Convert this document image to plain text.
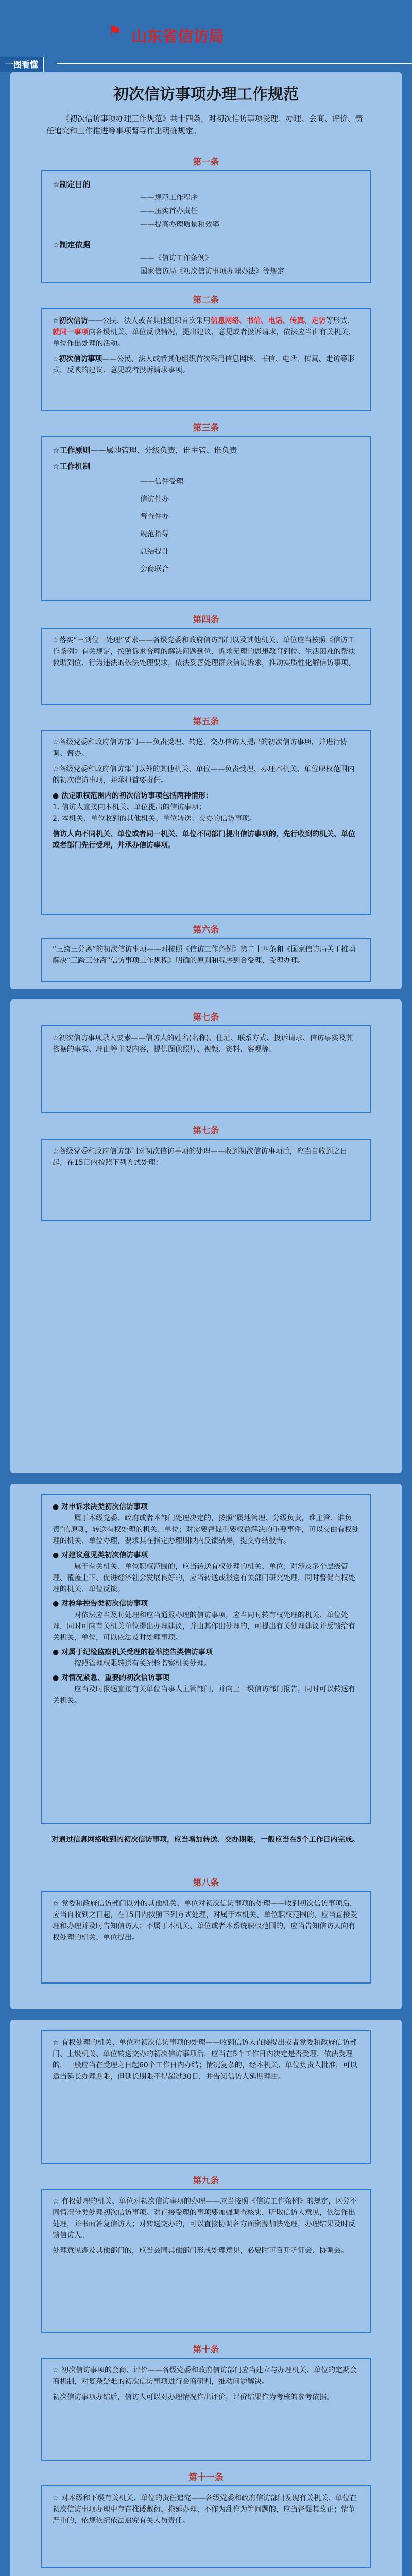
⚑ 山东省信访局
一图看懂
初次信访事项办理工作规范
《初次信访事项办理工作规范》共十四条，对初次信访事项受理、办理、会商、评价、责任追究和工作推进等事项督导作出明确规定。
第一条
☆制定目的
——规范工作程序
——压实首办责任
——提高办理质量和效率
☆制定依据
——《信访工作条例》
国家信访局《初次信访事项办理办法》等规定
第二条
☆初次信访——公民、法人或者其他组织首次采用信息网络、书信、电话、传真、走访等形式，就同一事项向各级机关、单位反映情况，提出建议、意见或者投诉请求，依法应当由有关机关、单位作出处理的活动。
☆初次信访事项——公民、法人或者其他组织首次采用信息网络、书信、电话、传真、走访等形式，反映的建议、意见或者投诉请求事项。
第三条
☆工作原则——属地管理、分级负责，谁主管、谁负责
☆工作机制
——信件受理
信访件办
督查件办
规范指导
总结提升
会商联合
第四条
☆落实“三到位一处理”要求——各级党委和政府信访部门以及其他机关、单位应当按照《信访工作条例》有关规定，按照诉求合理的解决问题到位、诉求无理的思想教育到位、生活困难的帮扶救助到位、行为违法的依法处理要求，依法妥善处理群众信访诉求，推动实质性化解信访事项。
第五条
☆各级党委和政府信访部门——负责受理、转送、交办信访人提出的初次信访事项，并进行协调、督办。
☆各级党委和政府信访部门以外的其他机关、单位——负责受理、办理本机关、单位职权范围内的初次信访事项，并承担首要责任。
● 法定职权范围内的初次信访事项包括两种情形：
1. 信访人直接向本机关、单位提出的信访事项；
2. 本机关、单位收到的其他机关、单位转送、交办的信访事项。
信访人向不同机关、单位或者同一机关、单位不同部门提出信访事项的，先行收到的机关、单位或者部门先行受理，并承办信访事项。
第六条
“三跨三分离”的初次信访事项——对按照《信访工作条例》第二十四条和《国家信访局关于推动解决“三跨三分离”信访事项工作规程》明确的原则和程序到合受理、受理办理。
第七条
☆初次信访事项录入要素——信访人的姓名(名称)、住址、联系方式、投诉请求、信访事实及其依据的事实、理由等主要内容，提供图像照片、视频、资料、客观等。
第七条
☆各级党委和政府信访部门对初次信访事项的处理——收到初次信访事项后，应当自收到之日起，在15日内按照下列方式处理：
● 对申诉求决类初次信访事项
属于本级党委、政府或者本部门处理决定的，按照“属地管理、分级负责，谁主管、谁负责”的原则，转送有权处理的机关、单位；对需要督促重要权益解决的重要事件，可以交由有权处理的机关、单位办理，要求其在指定办理期限内反馈结果，提交办结报告。
● 对建议意见类初次信访事项
属于有关机关、单位职权范围的，应当转送有权处理的机关、单位；对涉及多个层级管理、覆盖上下、促进经济社会发展良好的，应当转送或报送有关部门研究处理，同时督促有权处理的机关、单位反馈。
● 对检举控告类初次信访事项
对依法应当及时处理和应当通报办理的信访事项，应当同时转有权处理的机关、单位处理，同时可向有关机关单位提出办理建议，并由其作出处理的，可提出有关处理建议并反馈给有关机关，单位，可以依法及时处理事项。
● 对属于纪检监察机关受理的检举控告类信访事项
按照管理权限转送有关纪检监察机关处理。
● 对情况紧急、重要的初次信访事项
应当及时报送直接有关单位当事人主管部门，并向上一级信访部门报告，同时可以转送有关机关。
对通过信息网络收到的初次信访事项，应当增加转送、交办期限，一般应当在5个工作日内完成。
第八条
☆ 党委和政府信访部门以外的其他机关、单位对初次信访事项的处理——收到初次信访事项后，应当自收到之日起，在15日内按照下列方式处理，对属于本机关、单位职权范围的，应当直接受理和办理并及时告知信访人；不属于本机关、单位或者本系统职权范围的，应当告知信访人向有权处理的机关、单位提出。
☆ 有权处理的机关、单位对初次信访事项的处理——收到信访人直接提出或者党委和政府信访部门、上级机关、单位转送交办的初次信访事项后，应当在5个工作日内决定是否受理，依法受理的，一般应当在受理之日起60个工作日内办结；情况复杂的，经本机关、单位负责人批准，可以适当延长办理期限，但延长期限不得超过30日，并告知信访人延期理由。
第九条
☆ 有权处理的机关、单位对初次信访事项的办理——应当按照《信访工作条例》的规定，区分不同情况分类处理初次信访事项。对直接受理的事项要加强调查核实，听取信访人意见，依法作出处理，并书面答复信访人；对转送交办的，可以直接协调各方面资源加快处理，办理结果及时反馈信访人。
处理意见涉及其他部门的，应当会同其他部门形成处理意见，必要时可召开听证会、协调会。
第十条
☆ 初次信访事项的会商、评价——各级党委和政府信访部门应当建立与办理机关、单位的定期会商机制，对复杂疑难的初次信访事项进行会商研判，推动问题解决。
初次信访事项办结后，信访人可以对办理情况作出评价，评价结果作为考核的参考依据。
第十一条
☆ 对本级和下级有关机关、单位的责任追究——各级党委和政府信访部门发现有关机关、单位在初次信访事项办理中存在推诿敷衍、拖延办理、不作为乱作为等问题的，应当督促其改正；情节严重的，依规依纪依法追究有关人员责任。
